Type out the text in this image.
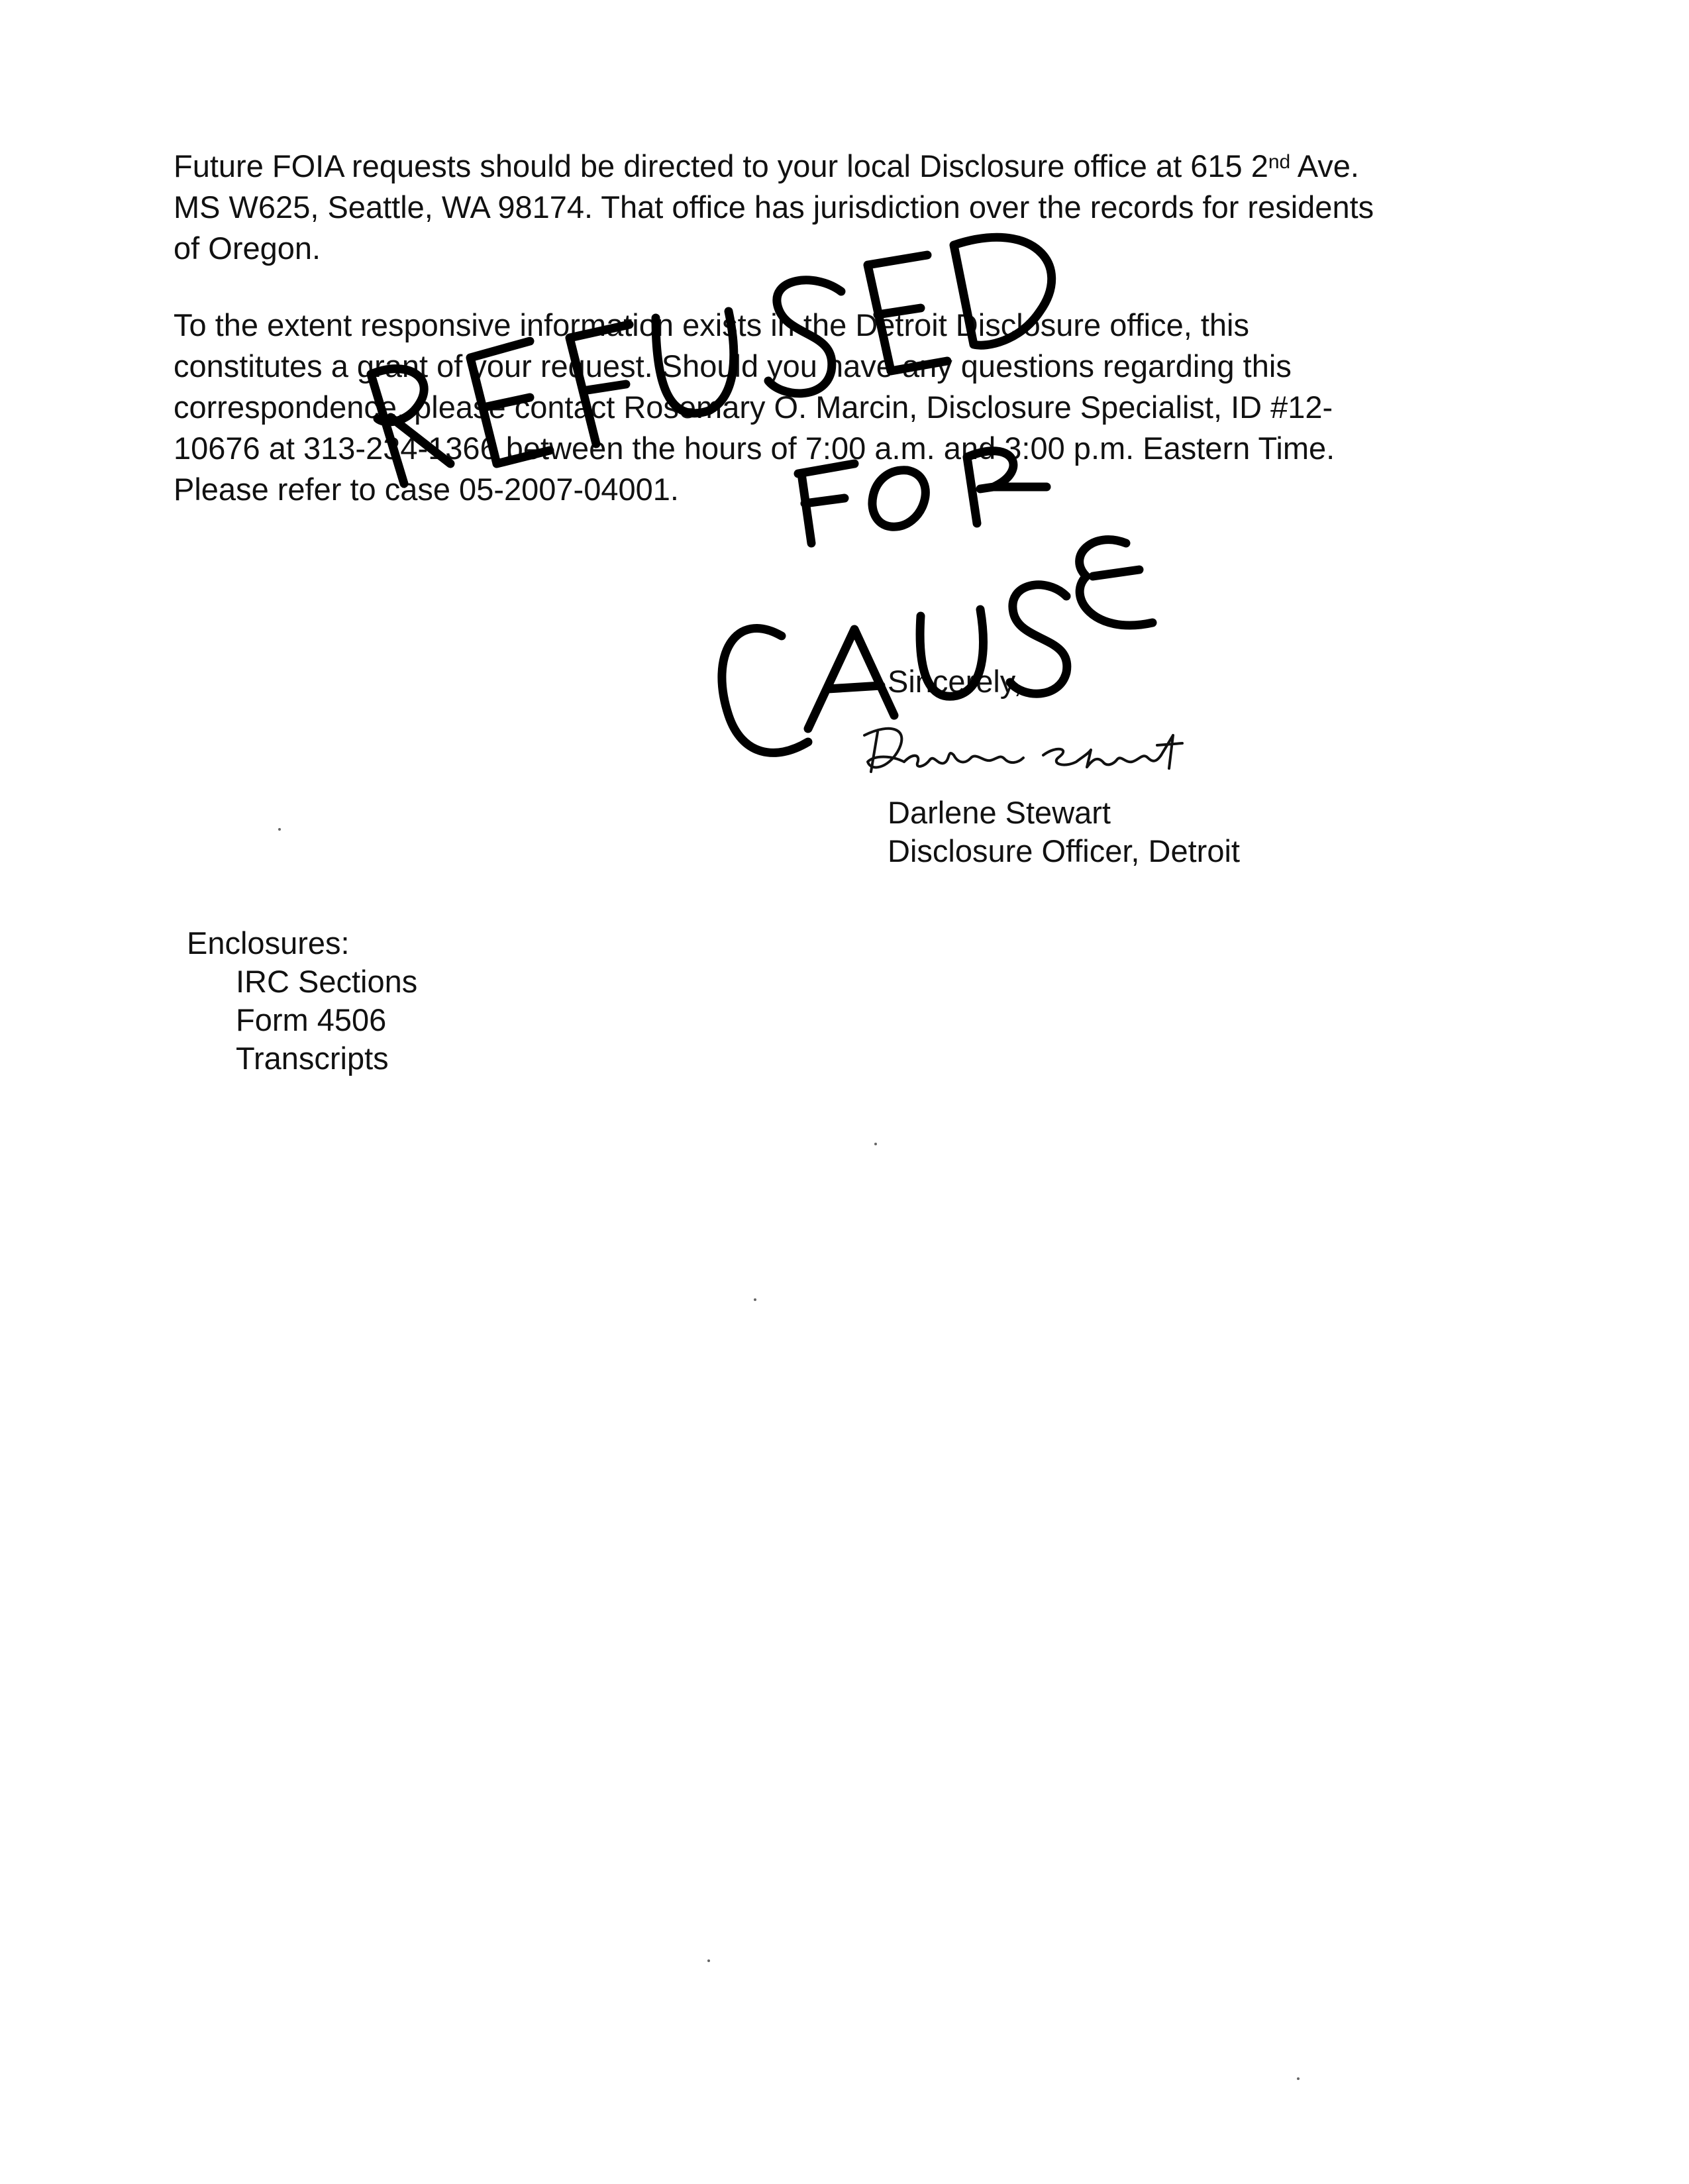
Future FOIA requests should be directed to your local Disclosure office at 615 2nd Ave.
MS W625, Seattle, WA 98174. That office has jurisdiction over the records for residents
of Oregon.

To the extent responsive information exists in the Detroit Disclosure office, this
constitutes a grant of your request. Should you have any questions regarding this
correspondence, please contact Rosemary O. Marcin, Disclosure Specialist, ID #12-
10676 at 313-234-1366 between the hours of 7:00 a.m. and 3:00 p.m. Eastern Time.
Please refer to case 05-2007-04001.

Sincerely,
Darlene Stewart
Disclosure Officer, Detroit
Enclosures:
IRC Sections
Form 4506
Transcripts
